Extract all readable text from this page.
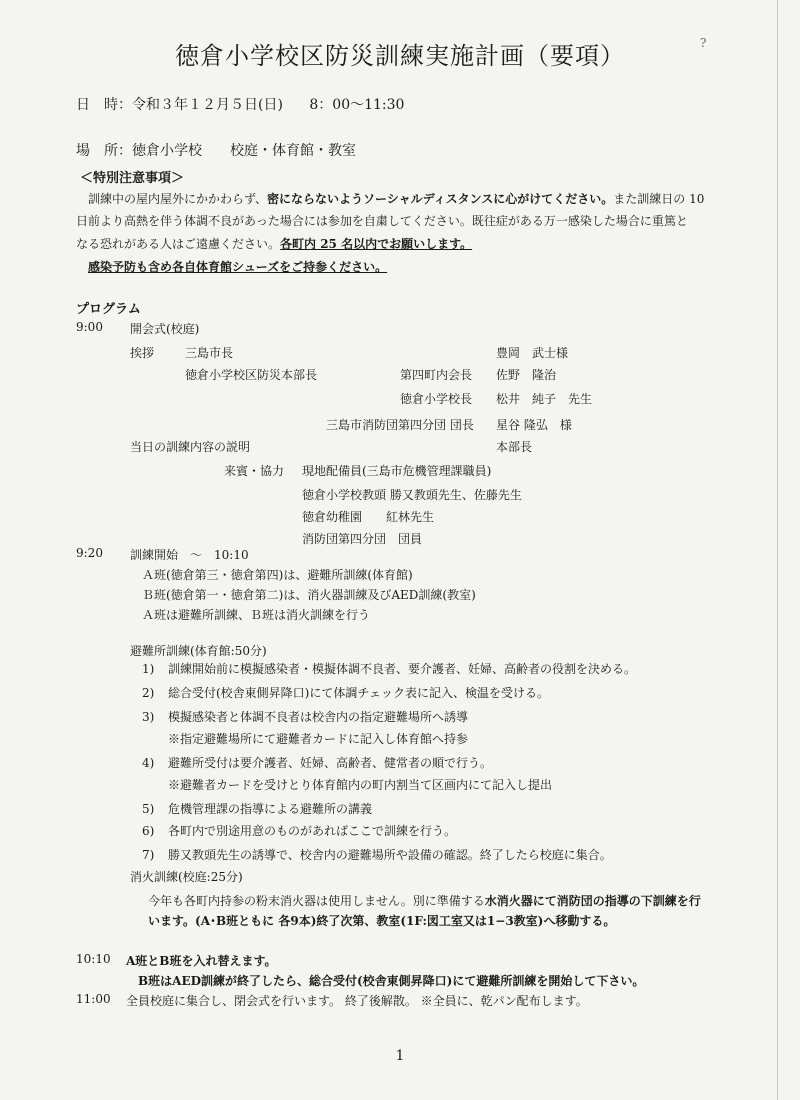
徳倉小学校区防災訓練実施計画（要項）	?
日　時：令和３年１２月５日(日) 8：00〜11:30
場　所：徳倉小学校　　校庭・体育館・教室
＜特別注意事項＞
訓練中の屋内屋外にかかわらず、密にならないようソーシャルディスタンスに心がけてください。また訓練日の 10
日前より高熱を伴う体調不良があった場合には参加を自粛してください。既往症がある万一感染した場合に重篤と
なる恐れがある人はご遠慮ください。各町内 25 名以内でお願いします。
感染予防も含め各自体育館シューズをご持参ください。
プログラム
9:00 開会式(校庭)
挨拶	三島市長	豊岡　武士様
徳倉小学校区防災本部長	第四町内会長 佐野　隆治
徳倉小学校長 松井　純子　先生
三島市消防団第四分団 団長 星谷 隆弘　様
当日の訓練内容の説明	本部長
来賓・協力 現地配備員(三島市危機管理課職員)
徳倉小学校教頭 勝又教頭先生、佐藤先生
徳倉幼稚園 紅林先生
消防団第四分団　団員
9:20 訓練開始　〜　10:10
Ａ班(徳倉第三・徳倉第四)は、避難所訓練(体育館)
Ｂ班(徳倉第一・徳倉第二)は、消火器訓練及びAED訓練(教室)
Ａ班は避難所訓練、Ｂ班は消火訓練を行う
避難所訓練(体育館:50分)
1) 訓練開始前に模擬感染者・模擬体調不良者、要介護者、妊婦、高齢者の役割を決める。
2) 総合受付(校舎東側昇降口)にて体調チェック表に記入、検温を受ける。
3) 模擬感染者と体調不良者は校舎内の指定避難場所へ誘導
※指定避難場所にて避難者カードに記入し体育館へ持参
4) 避難所受付は要介護者、妊婦、高齢者、健常者の順で行う。
※避難者カードを受けとり体育館内の町内割当て区画内にて記入し提出
5) 危機管理課の指導による避難所の講義
6) 各町内で別途用意のものがあればここで訓練を行う。
7) 勝又教頭先生の誘導で、校舎内の避難場所や設備の確認。終了したら校庭に集合。
消火訓練(校庭:25分)
今年も各町内持参の粉末消火器は使用しません。別に準備する水消火器にて消防団の指導の下訓練を行
います。(A･B班ともに 各9本)終了次第、教室(1F:図工室又は1−3教室)へ移動する。
10:10 A班とB班を入れ替えます。
B班はAED訓練が終了したら、総合受付(校舎東側昇降口)にて避難所訓練を開始して下さい。
11:00 全員校庭に集合し、閉会式を行います。 終了後解散。 ※全員に、乾パン配布します。
1
